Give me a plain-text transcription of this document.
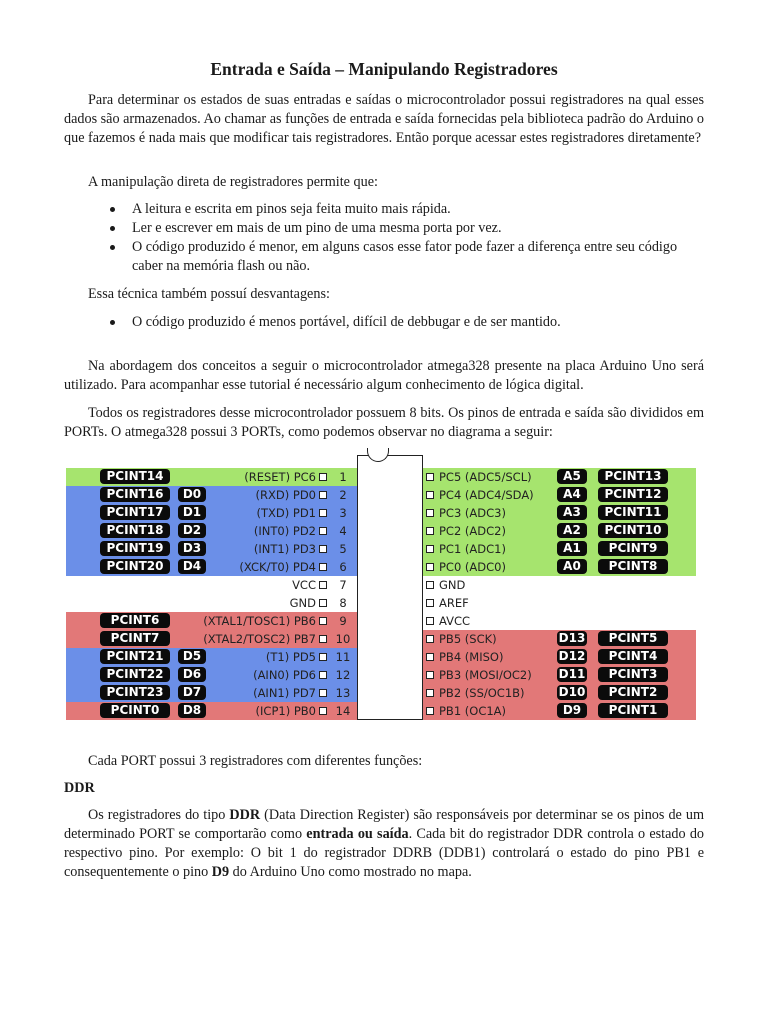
Entrada e Saída – Manipulando Registradores

Para determinar os estados de suas entradas e saídas o microcontrolador possui registradores na qual esses dados são armazenados. Ao chamar as funções de entrada e saída fornecidas pela biblioteca padrão do Arduino o que fazemos é nada mais que modificar tais registradores. Então porque acessar estes registradores diretamente?

A manipulação direta de registradores permite que:

A leitura e escrita em pinos seja feita muito mais rápida.
Ler e escrever em mais de um pino de uma mesma porta por vez.
O código produzido é menor, em alguns casos esse fator pode fazer a diferença entre seu código caber na memória flash ou não.

Essa técnica também possuí desvantagens:

O código produzido é menos portável, difícil de debbugar e de ser mantido.

Na abordagem dos conceitos a seguir o microcontrolador atmega328 presente na placa Arduino Uno será utilizado. Para acompanhar esse tutorial é necessário algum conhecimento de lógica digital.

Todos os registradores desse microcontrolador possuem 8 bits. Os pinos de entrada e saída são divididos em PORTs. O atmega328 possui 3 PORTs, como podemos observar no diagrama a seguir:

Cada PORT possui 3 registradores com diferentes funções:

DDR

Os registradores do tipo DDR (Data Direction Register) são responsáveis por determinar se os pinos de um determinado PORT se comportarão como entrada ou saída. Cada bit do registrador DDR controla o estado do respectivo pino. Por exemplo: O bit 1 do registrador DDRB (DDB1) controlará o estado do pino PB1 e consequentemente o pino D9 do Arduino Uno como mostrado no mapa.

PCINT14	(RESET) PC6	1
PCINT16	D0	(RXD) PD0	2
PCINT17	D1	(TXD) PD1	3
PCINT18	D2	(INT0) PD2	4
PCINT19	D3	(INT1) PD3	5
PCINT20	D4	(XCK/T0) PD4	6
VCC	7
GND	8
PCINT6	(XTAL1/TOSC1) PB6	9
PCINT7	(XTAL2/TOSC2) PB7 10
PCINT21	D5	(T1) PD5 11
PCINT22	D6	(AIN0) PD6 12
PCINT23	D7	(AIN1) PD7 13
PCINT0	D8	(ICP1) PB0 14
PC5 (ADC5/SCL)	A5	PCINT13
PC4 (ADC4/SDA)	A4	PCINT12
PC3 (ADC3)	A3	PCINT11
PC2 (ADC2)	A2	PCINT10
PC1 (ADC1)	A1	PCINT9
PC0 (ADC0)	A0	PCINT8
GND
AREF
AVCC
PB5 (SCK)	D13	PCINT5
PB4 (MISO)	D12	PCINT4
PB3 (MOSI/OC2) D11	PCINT3
PB2 (SS/OC1B)	D10	PCINT2
PB1 (OC1A)	D9	PCINT1
